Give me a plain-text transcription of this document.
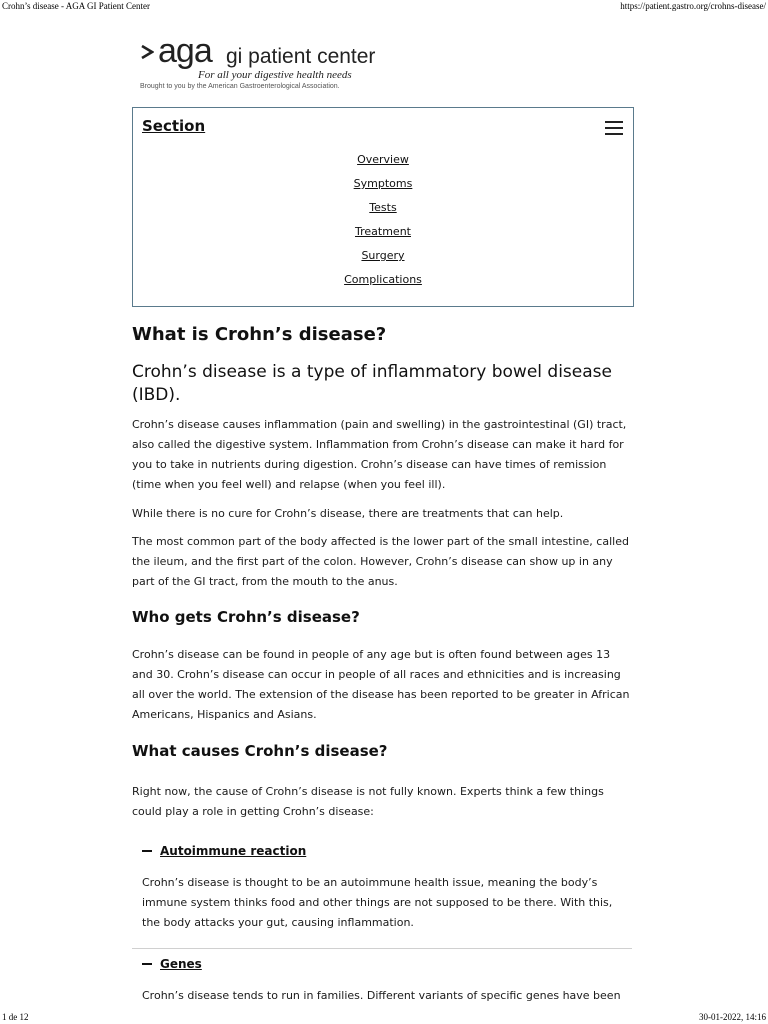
Crohn’s disease - AGA GI Patient Center	https://patient.gastro.org/crohns-disease/
aga gi patient center
For all your digestive health needs
Brought to you by the American Gastroenterological Association.
Section
Overview
Symptoms
Tests
Treatment
Surgery
Complications
What is Crohn’s disease?
Crohn’s disease is a type of inflammatory bowel disease (IBD).

Crohn’s disease causes inflammation (pain and swelling) in the gastrointestinal (GI) tract, also called the digestive system. Inflammation from Crohn’s disease can make it hard for you to take in nutrients during digestion. Crohn’s disease can have times of remission (time when you feel well) and relapse (when you feel ill).

While there is no cure for Crohn’s disease, there are treatments that can help.

The most common part of the body affected is the lower part of the small intestine, called the ileum, and the first part of the colon. However, Crohn’s disease can show up in any part of the GI tract, from the mouth to the anus.

Who gets Crohn’s disease?

Crohn’s disease can be found in people of any age but is often found between ages 13 and 30. Crohn’s disease can occur in people of all races and ethnicities and is increasing all over the world. The extension of the disease has been reported to be greater in African Americans, Hispanics and Asians.

What causes Crohn’s disease?

Right now, the cause of Crohn’s disease is not fully known. Experts think a few things could play a role in getting Crohn’s disease:

Autoimmune reaction

Crohn’s disease is thought to be an autoimmune health issue, meaning the body’s immune system thinks food and other things are not supposed to be there. With this, the body attacks your gut, causing inflammation.

Genes

Crohn’s disease tends to run in families. Different variants of specific genes have been

1 de 12	30-01-2022, 14:16
